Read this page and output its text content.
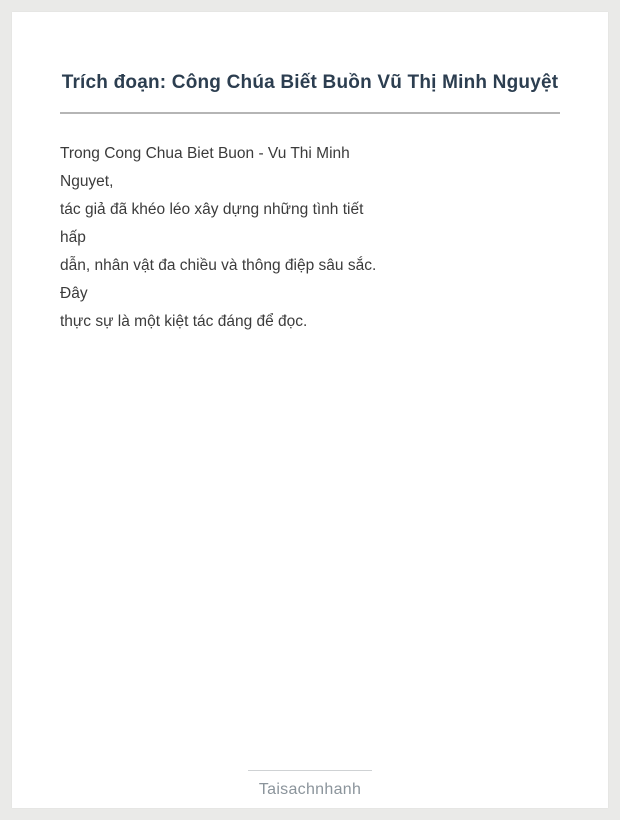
Trích đoạn: Công Chúa Biết Buồn Vũ Thị Minh Nguyệt
Trong Cong Chua Biet Buon - Vu Thi Minh
Nguyet,
tác giả đã khéo léo xây dựng những tình tiết
hấp
dẫn, nhân vật đa chiều và thông điệp sâu sắc.
Đây
thực sự là một kiệt tác đáng để đọc.
Taisachnhanh
